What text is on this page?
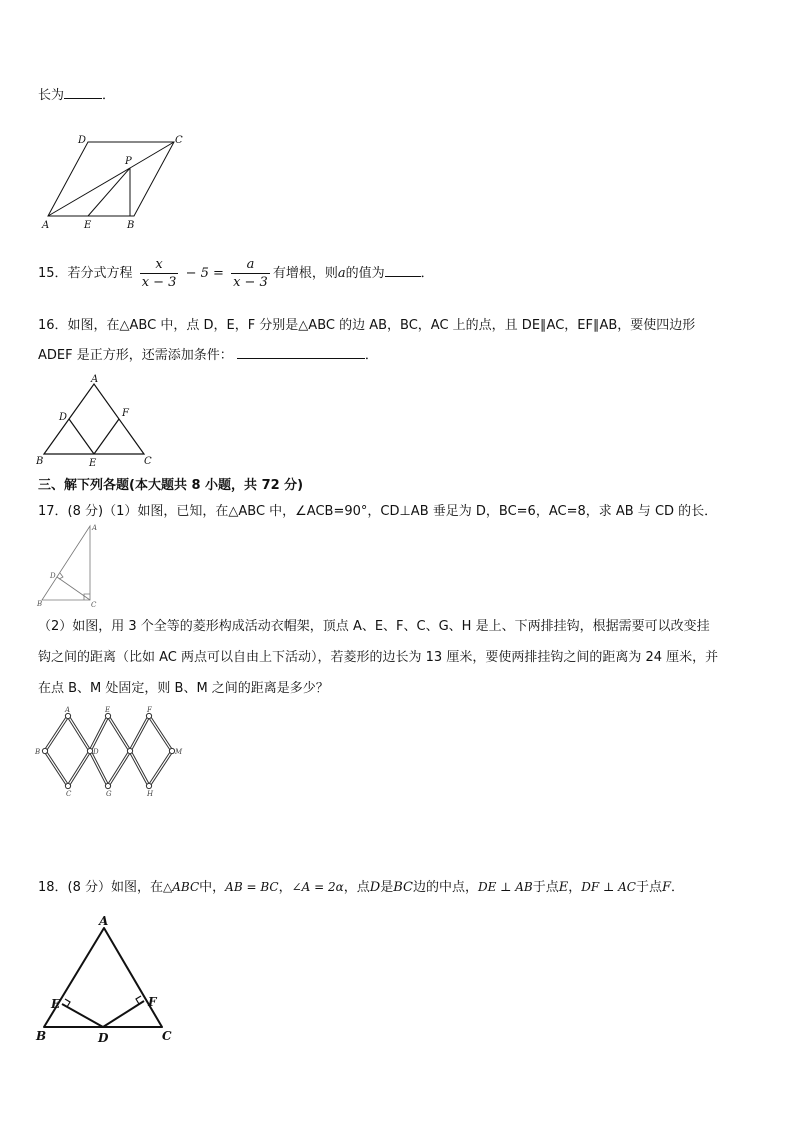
长为	．
D	C
P
A	E	B
15．若分式方程 $\frac{x}{x - 3} - 5 = \frac{a}{x - 3}$ 有增根，则a的值为	．
16．如图，在△ABC 中，点 D，E，F 分别是△ABC 的边 AB，BC，AC 上的点，且 DE∥AC，EF∥AB，要使四边形
ADEF 是正方形，还需添加条件：	．
A
D	F
B	E	C
三、解下列各题(本大题共 8 小题，共 72 分)
17．(8 分)（1）如图，已知，在△ABC 中，∠ACB=90°，CD⊥AB 垂足为 D，BC=6，AC=8，求 AB 与 CD 的长．
A
D
B	C
（2）如图，用 3 个全等的菱形构成活动衣帽架，顶点 A、E、F、C、G、H 是上、下两排挂钩，根据需要可以改变挂
钩之间的距离（比如 AC 两点可以自由上下活动），若菱形的边长为 13 厘米，要使两排挂钩之间的距离为 24 厘米，并
在点 B、M 处固定，则 B、M 之间的距离是多少？
A	E	F
B	D	M
C	G	H
18．(8 分）如图，在△ABC中，AB = BC，∠A = 2α，点D是BC边的中点，DE ⊥ AB于点E，DF ⊥ AC于点F．
A
E	F
B	D	C
